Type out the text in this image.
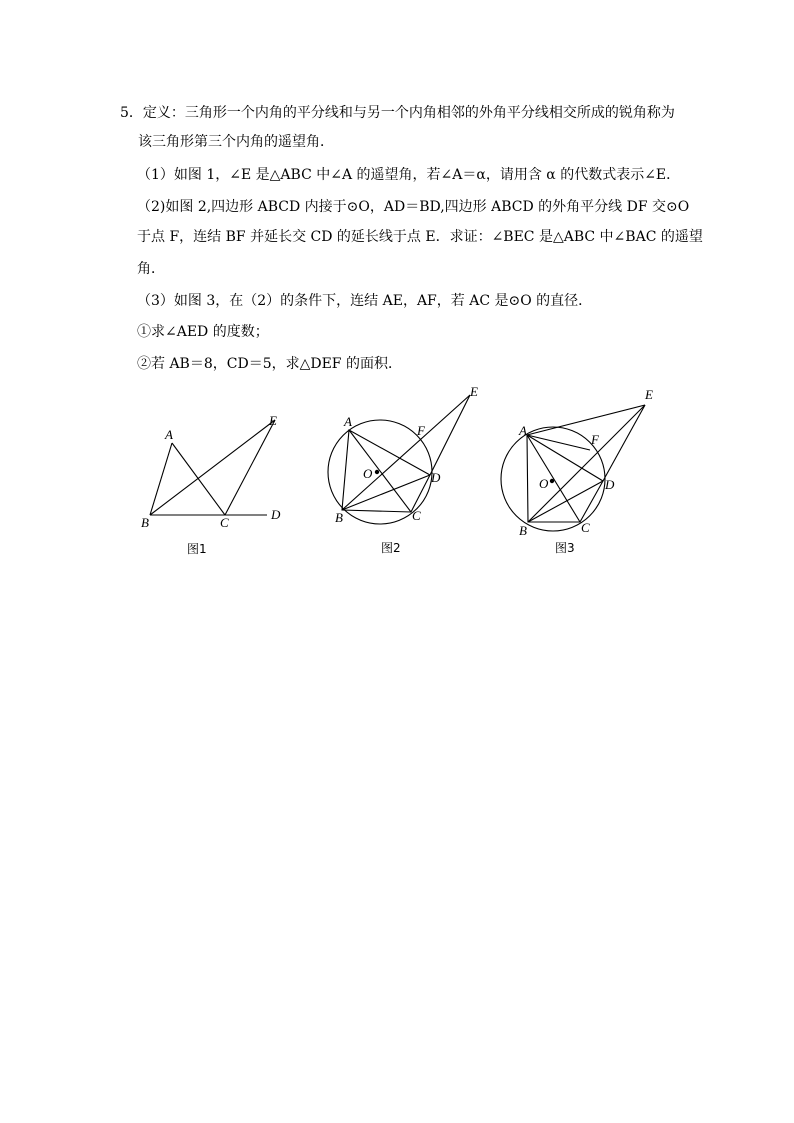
5．定义：三角形一个内角的平分线和与另一个内角相邻的外角平分线相交所成的锐角称为
该三角形第三个内角的遥望角．
（1）如图 1，∠E 是△ABC 中∠A 的遥望角，若∠A＝α，请用含 α 的代数式表示∠E．
（2)如图 2,四边形 ABCD 内接于⊙O，AD＝BD,四边形 ABCD 的外角平分线 DF 交⊙O
于点 F，连结 BF 并延长交 CD 的延长线于点 E．求证：∠BEC 是△ABC 中∠BAC 的遥望
角．
（3）如图 3，在（2）的条件下，连结 AE，AF，若 AC 是⊙O 的直径．
①求∠AED 的度数；
②若 AB＝8，CD＝5，求△DEF 的面积．
A
B	C
D
E
图1
A
B	C
D
E
F
O
图2
A
B	C
D
E
F
O
图3
